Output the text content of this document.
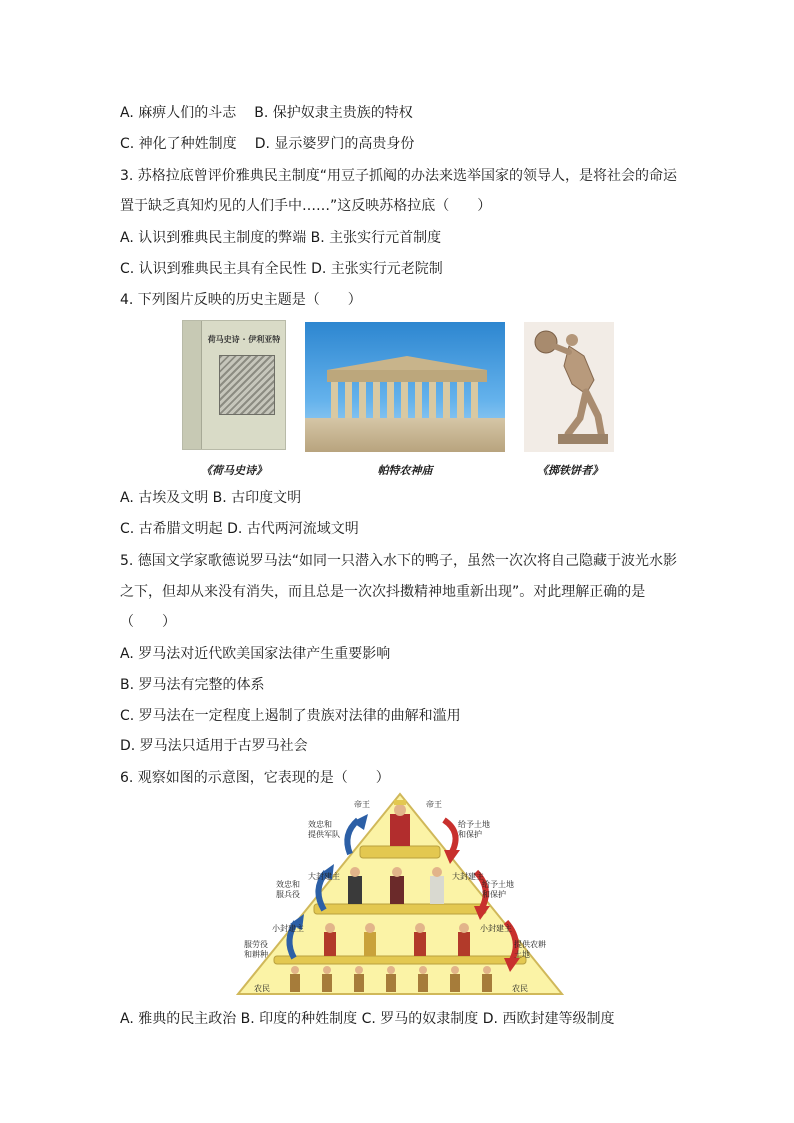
A. 麻痹人们的斗志 B. 保护奴隶主贵族的特权
C. 神化了种姓制度 D. 显示婆罗门的高贵身份
3. 苏格拉底曾评价雅典民主制度“用豆子抓阄的办法来选举国家的领导人，是将社会的命运
置于缺乏真知灼见的人们手中……”这反映苏格拉底（　　）
A. 认识到雅典民主制度的弊端 B. 主张实行元首制度
C. 认识到雅典民主具有全民性 D. 主张实行元老院制
4. 下列图片反映的历史主题是（　　）
荷马史诗 · 伊利亚特
《荷马史诗》	帕特农神庙	《掷铁饼者》
A. 古埃及文明 B. 古印度文明
C. 古希腊文明起 D. 古代两河流域文明
5. 德国文学家歌德说罗马法“如同一只潜入水下的鸭子，虽然一次次将自己隐藏于波光水影
之下，但却从来没有消失，而且总是一次次抖擞精神地重新出现”。对此理解正确的是
（　　）
A. 罗马法对近代欧美国家法律产生重要影响
B. 罗马法有完整的体系
C. 罗马法在一定程度上遏制了贵族对法律的曲解和滥用
D. 罗马法只适用于古罗马社会
6. 观察如图的示意图，它表现的是（　　）
帝王	帝王
大封建主	大封建主
小封建主	小封建主
农民	农民
效忠和
提供军队
效忠和
服兵役
服劳役
和耕种
给予土地
和保护
给予土地
和保护
提供农耕
土地
A. 雅典的民主政治 B. 印度的种姓制度 C. 罗马的奴隶制度 D. 西欧封建等级制度
